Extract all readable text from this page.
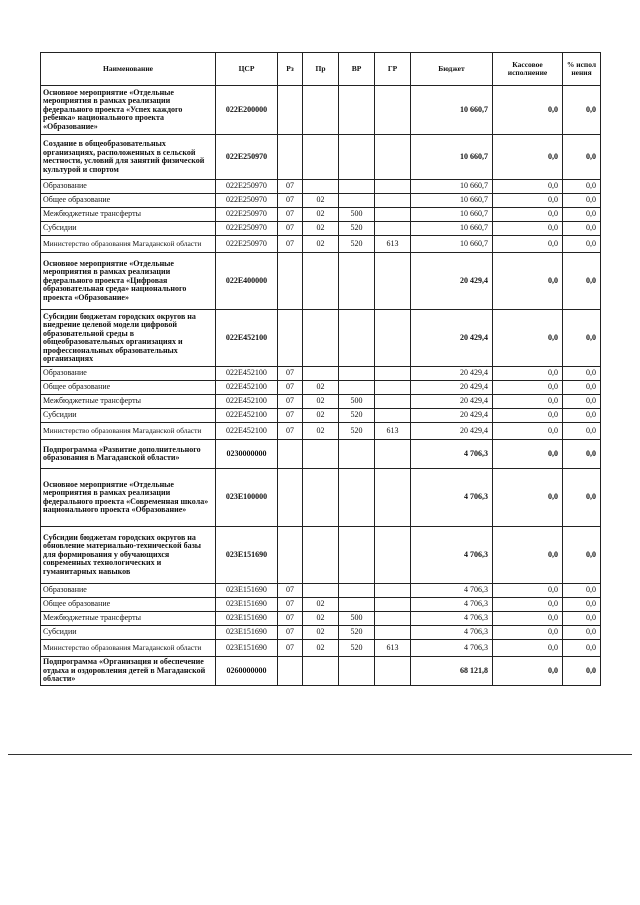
Наименование	ЦСР	Рз	Пр	ВР	ГР	Бюджет	Кассовое исполнение	% испол нения
Основное мероприятие «Отдельные мероприятия в рамках реализации федерального проекта «Успех каждого ребенка» национального проекта «Образование»	022E200000					10 660,7	0,0	0,0
Создание в общеобразовательных организациях, расположенных в сельской местности, условий для занятий физической культурой и спортом	022E250970					10 660,7	0,0	0,0
Образование	022E250970	07				10 660,7	0,0	0,0
Общее образование	022E250970	07	02			10 660,7	0,0	0,0
Межбюджетные трансферты	022E250970	07	02	500		10 660,7	0,0	0,0
Субсидии	022E250970	07	02	520		10 660,7	0,0	0,0
Министерство образования Магаданской области	022E250970	07	02	520	613	10 660,7	0,0	0,0
Основное мероприятие «Отдельные мероприятия в рамках реализации федерального проекта «Цифровая образовательная среда» национального проекта «Образование»	022E400000					20 429,4	0,0	0,0
Субсидии бюджетам городских округов на внедрение целевой модели цифровой образовательной среды в общеобразовательных организациях и профессиональных образовательных организациях	022E452100					20 429,4	0,0	0,0
Образование	022E452100	07				20 429,4	0,0	0,0
Общее образование	022E452100	07	02			20 429,4	0,0	0,0
Межбюджетные трансферты	022E452100	07	02	500		20 429,4	0,0	0,0
Субсидии	022E452100	07	02	520		20 429,4	0,0	0,0
Министерство образования Магаданской области	022E452100	07	02	520	613	20 429,4	0,0	0,0
Подпрограмма «Развитие дополнительного образования в Магаданской области»	0230000000					4 706,3	0,0	0,0
Основное мероприятие «Отдельные мероприятия в рамках реализации федерального проекта «Современная школа» национального проекта «Образование»	023E100000					4 706,3	0,0	0,0
Субсидии бюджетам городских округов на обновление материально-технической базы для формирования у обучающихся современных технологических и гуманитарных навыков	023E151690					4 706,3	0,0	0,0
Образование	023E151690	07				4 706,3	0,0	0,0
Общее образование	023E151690	07	02			4 706,3	0,0	0,0
Межбюджетные трансферты	023E151690	07	02	500		4 706,3	0,0	0,0
Субсидии	023E151690	07	02	520		4 706,3	0,0	0,0
Министерство образования Магаданской области	023E151690	07	02	520	613	4 706,3	0,0	0,0
Подпрограмма «Организация и обеспечение отдыха и оздоровления детей в Магаданской области»	0260000000					68 121,8	0,0	0,0
